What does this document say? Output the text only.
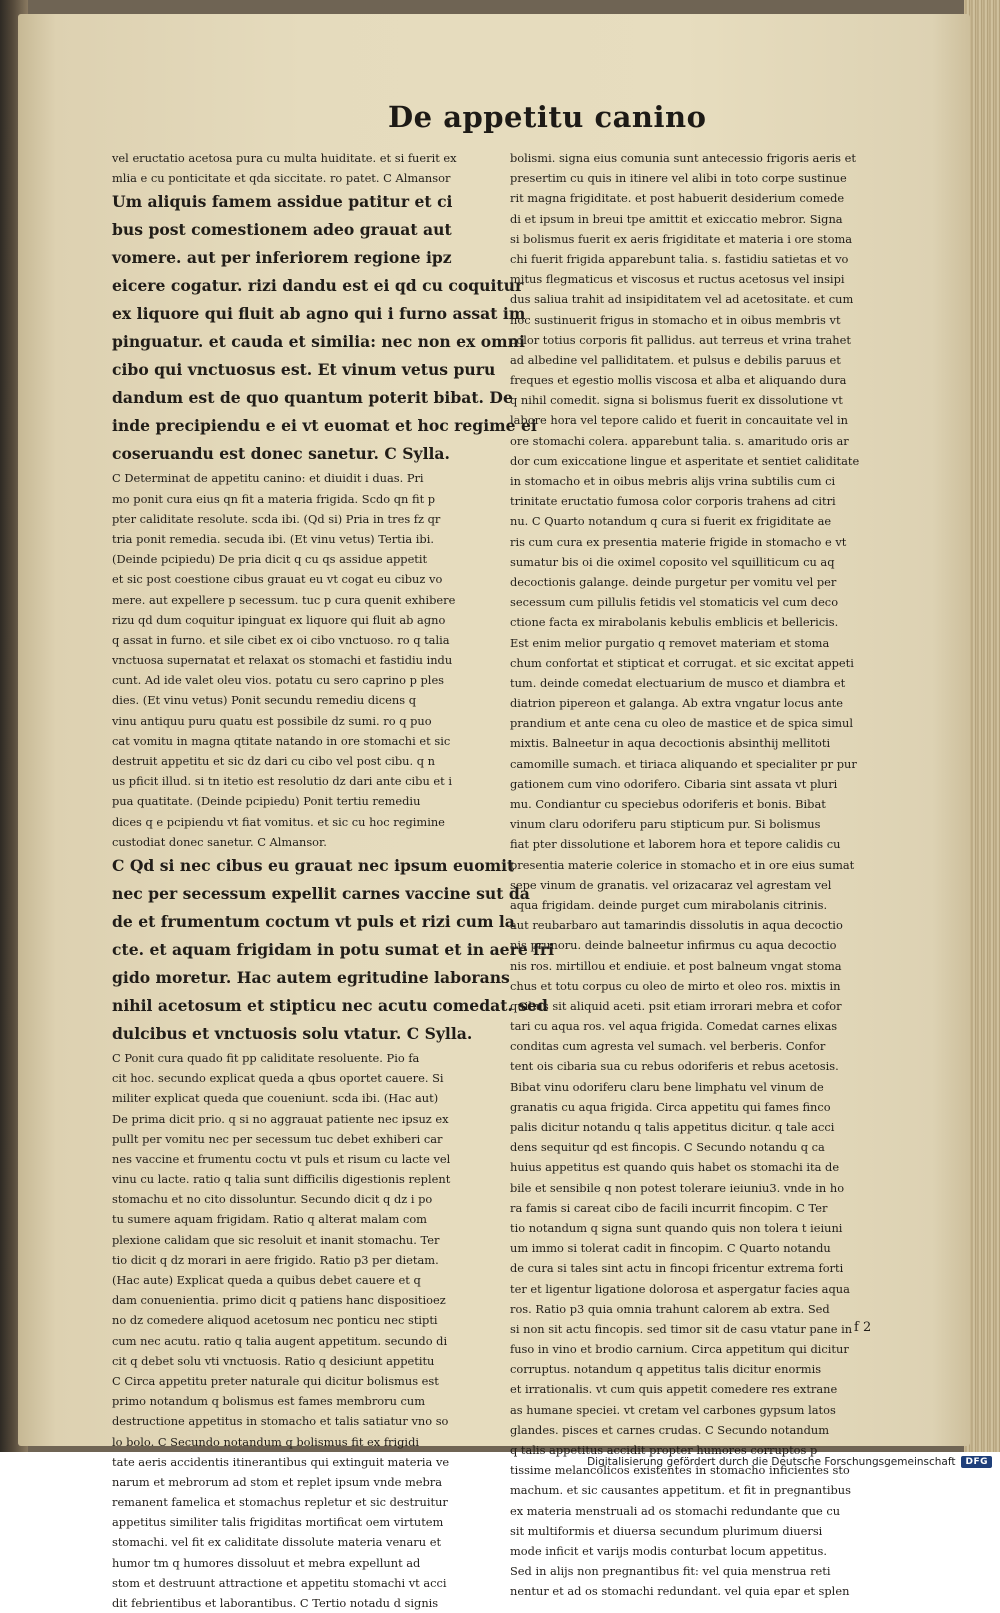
De appetitu canino
vel eructatio acetosa pura cu multa huiditate. et si fuerit ex
mlia e cu ponticitate et qda siccitate. ro patet. C Almansor
Um aliquis famem assidue patitur et ci
bus post comestionem adeo grauat aut
vomere. aut per inferiorem regione ipz
eicere cogatur. rizi dandu est ei qd cu coquitur
ex liquore qui fluit ab agno qui i furno assat im
pinguatur. et cauda et similia: nec non ex omni
cibo qui vnctuosus est. Et vinum vetus puru
dandum est de quo quantum poterit bibat. De
inde precipiendu e ei vt euomat et hoc regime ei
coseruandu est donec sanetur. C Sylla.
C Determinat de appetitu canino: et diuidit i duas. Pri
mo ponit cura eius qn fit a materia frigida. Scdo qn fit p
pter caliditate resolute. scda ibi. (Qd si) Pria in tres fz qr
tria ponit remedia. secuda ibi. (Et vinu vetus) Tertia ibi.
(Deinde pcipiedu) De pria dicit q cu qs assidue appetit
et sic post coestione cibus grauat eu vt cogat eu cibuz vo
mere. aut expellere p secessum. tuc p cura quenit exhibere
rizu qd dum coquitur ipinguat ex liquore qui fluit ab agno
q assat in furno. et sile cibet ex oi cibo vnctuoso. ro q talia
vnctuosa supernatat et relaxat os stomachi et fastidiu indu
cunt. Ad ide valet oleu vios. potatu cu sero caprino p ples
dies. (Et vinu vetus) Ponit secundu remediu dicens q
vinu antiquu puru quatu est possibile dz sumi. ro q puo
cat vomitu in magna qtitate natando in ore stomachi et sic
destruit appetitu et sic dz dari cu cibo vel post cibu. q n
us pficit illud. si tn itetio est resolutio dz dari ante cibu et i
pua quatitate. (Deinde pcipiedu) Ponit tertiu remediu
dices q e pcipiendu vt fiat vomitus. et sic cu hoc regimine
custodiat donec sanetur. C Almansor.
C Qd si nec cibus eu grauat nec ipsum euomit
nec per secessum expellit carnes vaccine sut da
de et frumentum coctum vt puls et rizi cum la
cte. et aquam frigidam in potu sumat et in aere fri
gido moretur. Hac autem egritudine laborans
nihil acetosum et stipticu nec acutu comedat. sed
dulcibus et vnctuosis solu vtatur. C Sylla.
C Ponit cura quado fit pp caliditate resoluente. Pio fa
cit hoc. secundo explicat queda a qbus oportet cauere. Si
militer explicat queda que coueniunt. scda ibi. (Hac aut)
De prima dicit prio. q si no aggrauat patiente nec ipsuz ex
pullt per vomitu nec per secessum tuc debet exhiberi car
nes vaccine et frumentu coctu vt puls et risum cu lacte vel
vinu cu lacte. ratio q talia sunt difficilis digestionis replent
stomachu et no cito dissoluntur. Secundo dicit q dz i po
tu sumere aquam frigidam. Ratio q alterat malam com
plexione calidam que sic resoluit et inanit stomachu. Ter
tio dicit q dz morari in aere frigido. Ratio p3 per dietam.
(Hac aute) Explicat queda a quibus debet cauere et q
dam conuenientia. primo dicit q patiens hanc dispositioez
no dz comedere aliquod acetosum nec ponticu nec stipti
cum nec acutu. ratio q talia augent appetitum. secundo di
cit q debet solu vti vnctuosis. Ratio q desiciunt appetitu
C Circa appetitu preter naturale qui dicitur bolismus est
primo notandum q bolismus est fames membroru cum
destructione appetitus in stomacho et talis satiatur vno so
lo bolo. C Secundo notandum q bolismus fit ex frigidi
tate aeris accidentis itinerantibus qui extinguit materia ve
narum et mebrorum ad stom et replet ipsum vnde mebra
remanent famelica et stomachus repletur et sic destruitur
appetitus similiter talis frigiditas mortificat oem virtutem
stomachi. vel fit ex caliditate dissolute materia venaru et
humor tm q humores dissoluut et mebra expellunt ad
stom et destruunt attractione et appetitu stomachi vt acci
dit febrientibus et laborantibus. C Tertio notadu d signis
bolismi. signa eius comunia sunt antecessio frigoris aeris et
presertim cu quis in itinere vel alibi in toto corpe sustinue
rit magna frigiditate. et post habuerit desiderium comede
di et ipsum in breui tpe amittit et exiccatio mebror. Signa
si bolismus fuerit ex aeris frigiditate et materia i ore stoma
chi fuerit frigida apparebunt talia. s. fastidiu satietas et vo
mitus flegmaticus et viscosus et ructus acetosus vel insipi
dus saliua trahit ad insipiditatem vel ad acetositate. et cum
hoc sustinuerit frigus in stomacho et in oibus membris vt
color totius corporis fit pallidus. aut terreus et vrina trahet
ad albedine vel palliditatem. et pulsus e debilis paruus et
freques et egestio mollis viscosa et alba et aliquando dura
q nihil comedit. signa si bolismus fuerit ex dissolutione vt
labore hora vel tepore calido et fuerit in concauitate vel in
ore stomachi colera. apparebunt talia. s. amaritudo oris ar
dor cum exiccatione lingue et asperitate et sentiet caliditate
in stomacho et in oibus mebris alijs vrina subtilis cum ci
trinitate eructatio fumosa color corporis trahens ad citri
nu. C Quarto notandum q cura si fuerit ex frigiditate ae
ris cum cura ex presentia materie frigide in stomacho e vt
sumatur bis oi die oximel coposito vel squilliticum cu aq
decoctionis galange. deinde purgetur per vomitu vel per
secessum cum pillulis fetidis vel stomaticis vel cum deco
ctione facta ex mirabolanis kebulis emblicis et bellericis.
Est enim melior purgatio q removet materiam et stoma
chum confortat et stipticat et corrugat. et sic excitat appeti
tum. deinde comedat electuarium de musco et diambra et
diatrion pipereon et galanga. Ab extra vngatur locus ante
prandium et ante cena cu oleo de mastice et de spica simul
mixtis. Balneetur in aqua decoctionis absinthij mellitoti
camomille sumach. et tiriaca aliquando et specialiter pr pur
gationem cum vino odorifero. Cibaria sint assata vt pluri
mu. Condiantur cu speciebus odoriferis et bonis. Bibat
vinum claru odoriferu paru stipticum pur. Si bolismus
fiat pter dissolutione et laborem hora et tepore calidis cu
presentia materie colerice in stomacho et in ore eius sumat
sepe vinum de granatis. vel orizacaraz vel agrestam vel
aqua frigidam. deinde purget cum mirabolanis citrinis.
aut reubarbaro aut tamarindis dissolutis in aqua decoctio
nis prunoru. deinde balneetur infirmus cu aqua decoctio
nis ros. mirtillou et endiuie. et post balneum vngat stoma
chus et totu corpus cu oleo de mirto et oleo ros. mixtis in
quibus sit aliquid aceti. psit etiam irrorari mebra et cofor
tari cu aqua ros. vel aqua frigida. Comedat carnes elixas
conditas cum agresta vel sumach. vel berberis. Confor
tent ois cibaria sua cu rebus odoriferis et rebus acetosis.
Bibat vinu odoriferu claru bene limphatu vel vinum de
granatis cu aqua frigida. Circa appetitu qui fames finco
palis dicitur notandu q talis appetitus dicitur. q tale acci
dens sequitur qd est fincopis. C Secundo notandu q ca
huius appetitus est quando quis habet os stomachi ita de
bile et sensibile q non potest tolerare ieiuniu3. vnde in ho
ra famis si careat cibo de facili incurrit fincopim. C Ter
tio notandum q signa sunt quando quis non tolera t ieiuni
um immo si tolerat cadit in fincopim. C Quarto notandu
de cura si tales sint actu in fincopi fricentur extrema forti
ter et ligentur ligatione dolorosa et aspergatur facies aqua
ros. Ratio p3 quia omnia trahunt calorem ab extra. Sed
si non sit actu fincopis. sed timor sit de casu vtatur pane in
fuso in vino et brodio carnium. Circa appetitum qui dicitur
corruptus. notandum q appetitus talis dicitur enormis
et irrationalis. vt cum quis appetit comedere res extrane
as humane speciei. vt cretam vel carbones gypsum latos
glandes. pisces et carnes crudas. C Secundo notandum
q talis appetitus accidit propter humores corruptos p
tissime melancolicos existentes in stomacho inficientes sto
machum. et sic causantes appetitum. et fit in pregnantibus
ex materia menstruali ad os stomachi redundante que cu
sit multiformis et diuersa secundum plurimum diuersi
mode inficit et varijs modis conturbat locum appetitus.
Sed in alijs non pregnantibus fit: vel quia menstrua reti
nentur et ad os stomachi redundant. vel quia epar et splen
f 2
Digitalisierung gefördert durch die Deutsche Forschungsgemeinschaft	DFG
